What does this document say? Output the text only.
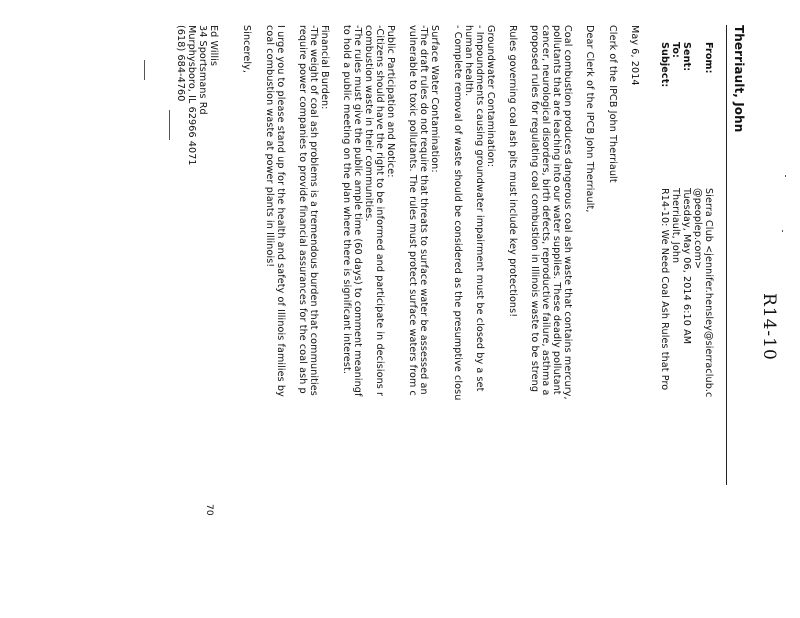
R14-10
Therriault, John
From:
Sierra Club <jennifer.hensley@sierraclub.c
@peoplep.com>
Sent:
Tuesday, May 06, 2014 6:10 AM
To:
Therriault, John
Subject:
R14-10: We Need Coal Ash Rules that Pro
May 6, 2014
Clerk of the IPCB John Therriault
Dear Clerk of the IPCB John Therriault,
Coal combustion produces dangerous coal ash waste that contains mercury,
pollutants that are leaching into our water supplies. These deadly pollutant
cancer, neurological disorders, birth defects, reproductive failure, asthma a
proposed rules for regulating coal combustion in Illinois waste to be streng
Rules governing coal ash pits must include key protections!
Groundwater Contamination:
- Impoundments causing groundwater impairment must be closed by a set
human health.
- Complete removal of waste should be considered as the presumptive closu
Surface Water Contamination:
-The draft rules do not require that threats to surface water be assessed an
vulnerable to toxic pollutants. The rules must protect surface waters from c
Public Participation and Notice:
-Citizens should have the right to be informed and participate in decisions r
combustion waste in their communities.
-The rules must give the public ample time (60 days) to comment meaningf
to hold a public meeting on the plan where there is significant interest.
Financial Burden:
-The weight of coal ash problems is a tremendous burden that communities
require power companies to provide financial assurances for the coal ash p
I urge you to please stand up for the health and safety of Illinois families by
coal combustion waste at power plants in Illinois!
Sincerely,
Ed Willis
34 Sportsmans Rd
Murphysboro, IL 62966 4071
(618) 684-4760
70
